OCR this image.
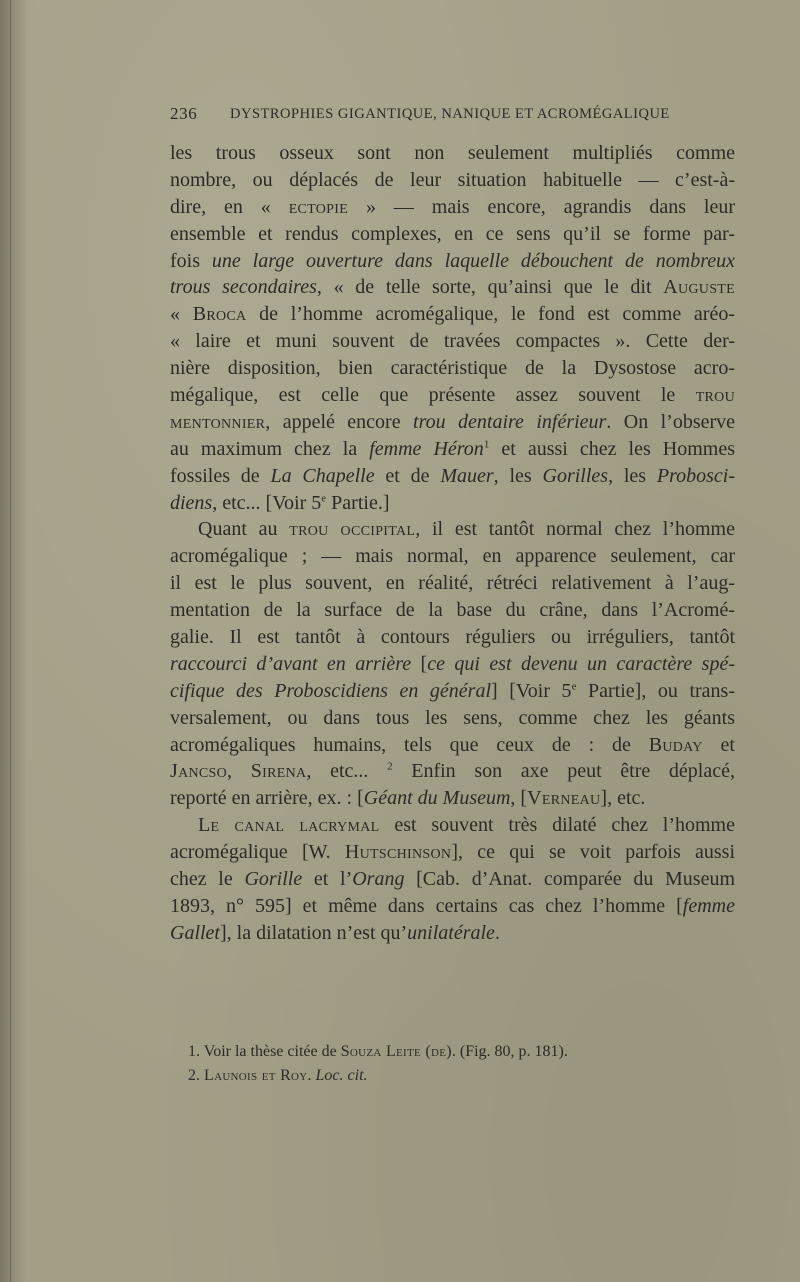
236 DYSTROPHIES GIGANTIQUE, NANIQUE ET ACROMÉGALIQUE
les trous osseux sont non seulement multipliés comme
nombre, ou déplacés de leur situation habituelle — c’est-à-
dire, en « ectopie » — mais encore, agrandis dans leur
ensemble et rendus complexes, en ce sens qu’il se forme par-
fois une large ouverture dans laquelle débouchent de nombreux
trous secondaires, « de telle sorte, qu’ainsi que le dit Auguste
« Broca de l’homme acromégalique, le fond est comme aréo-
« laire et muni souvent de travées compactes ». Cette der-
nière disposition, bien caractéristique de la Dysostose acro-
mégalique, est celle que présente assez souvent le trou
mentonnier, appelé encore trou dentaire inférieur. On l’observe
au maximum chez la femme Héron$^1$ et aussi chez les Hommes
fossiles de La Chapelle et de Mauer, les Gorilles, les Probosci-
diens, etc... [Voir 5e Partie.]
Quant au trou occipital, il est tantôt normal chez l’homme
acromégalique ; — mais normal, en apparence seulement, car
il est le plus souvent, en réalité, rétréci relativement à l’aug-
mentation de la surface de la base du crâne, dans l’Acromé-
galie. Il est tantôt à contours réguliers ou irréguliers, tantôt
raccourci d’avant en arrière [ce qui est devenu un caractère spé-
cifique des Proboscidiens en général] [Voir 5e Partie], ou trans-
versalement, ou dans tous les sens, comme chez les géants
acromégaliques humains, tels que ceux de : de Buday et
Jancso, Sirena, etc... $^2$ Enfin son axe peut être déplacé,
reporté en arrière, ex. : [Géant du Museum, [Verneau], etc.
Le canal lacrymal est souvent très dilaté chez l’homme
acromégalique [W. Hutschinson], ce qui se voit parfois aussi
chez le Gorille et l’Orang [Cab. d’Anat. comparée du Museum
1893, n° 595] et même dans certains cas chez l’homme [femme
Gallet], la dilatation n’est qu’unilatérale.
1. Voir la thèse citée de Souza Leite (de). (Fig. 80, p. 181).
2. Launois et Roy. Loc. cit.
